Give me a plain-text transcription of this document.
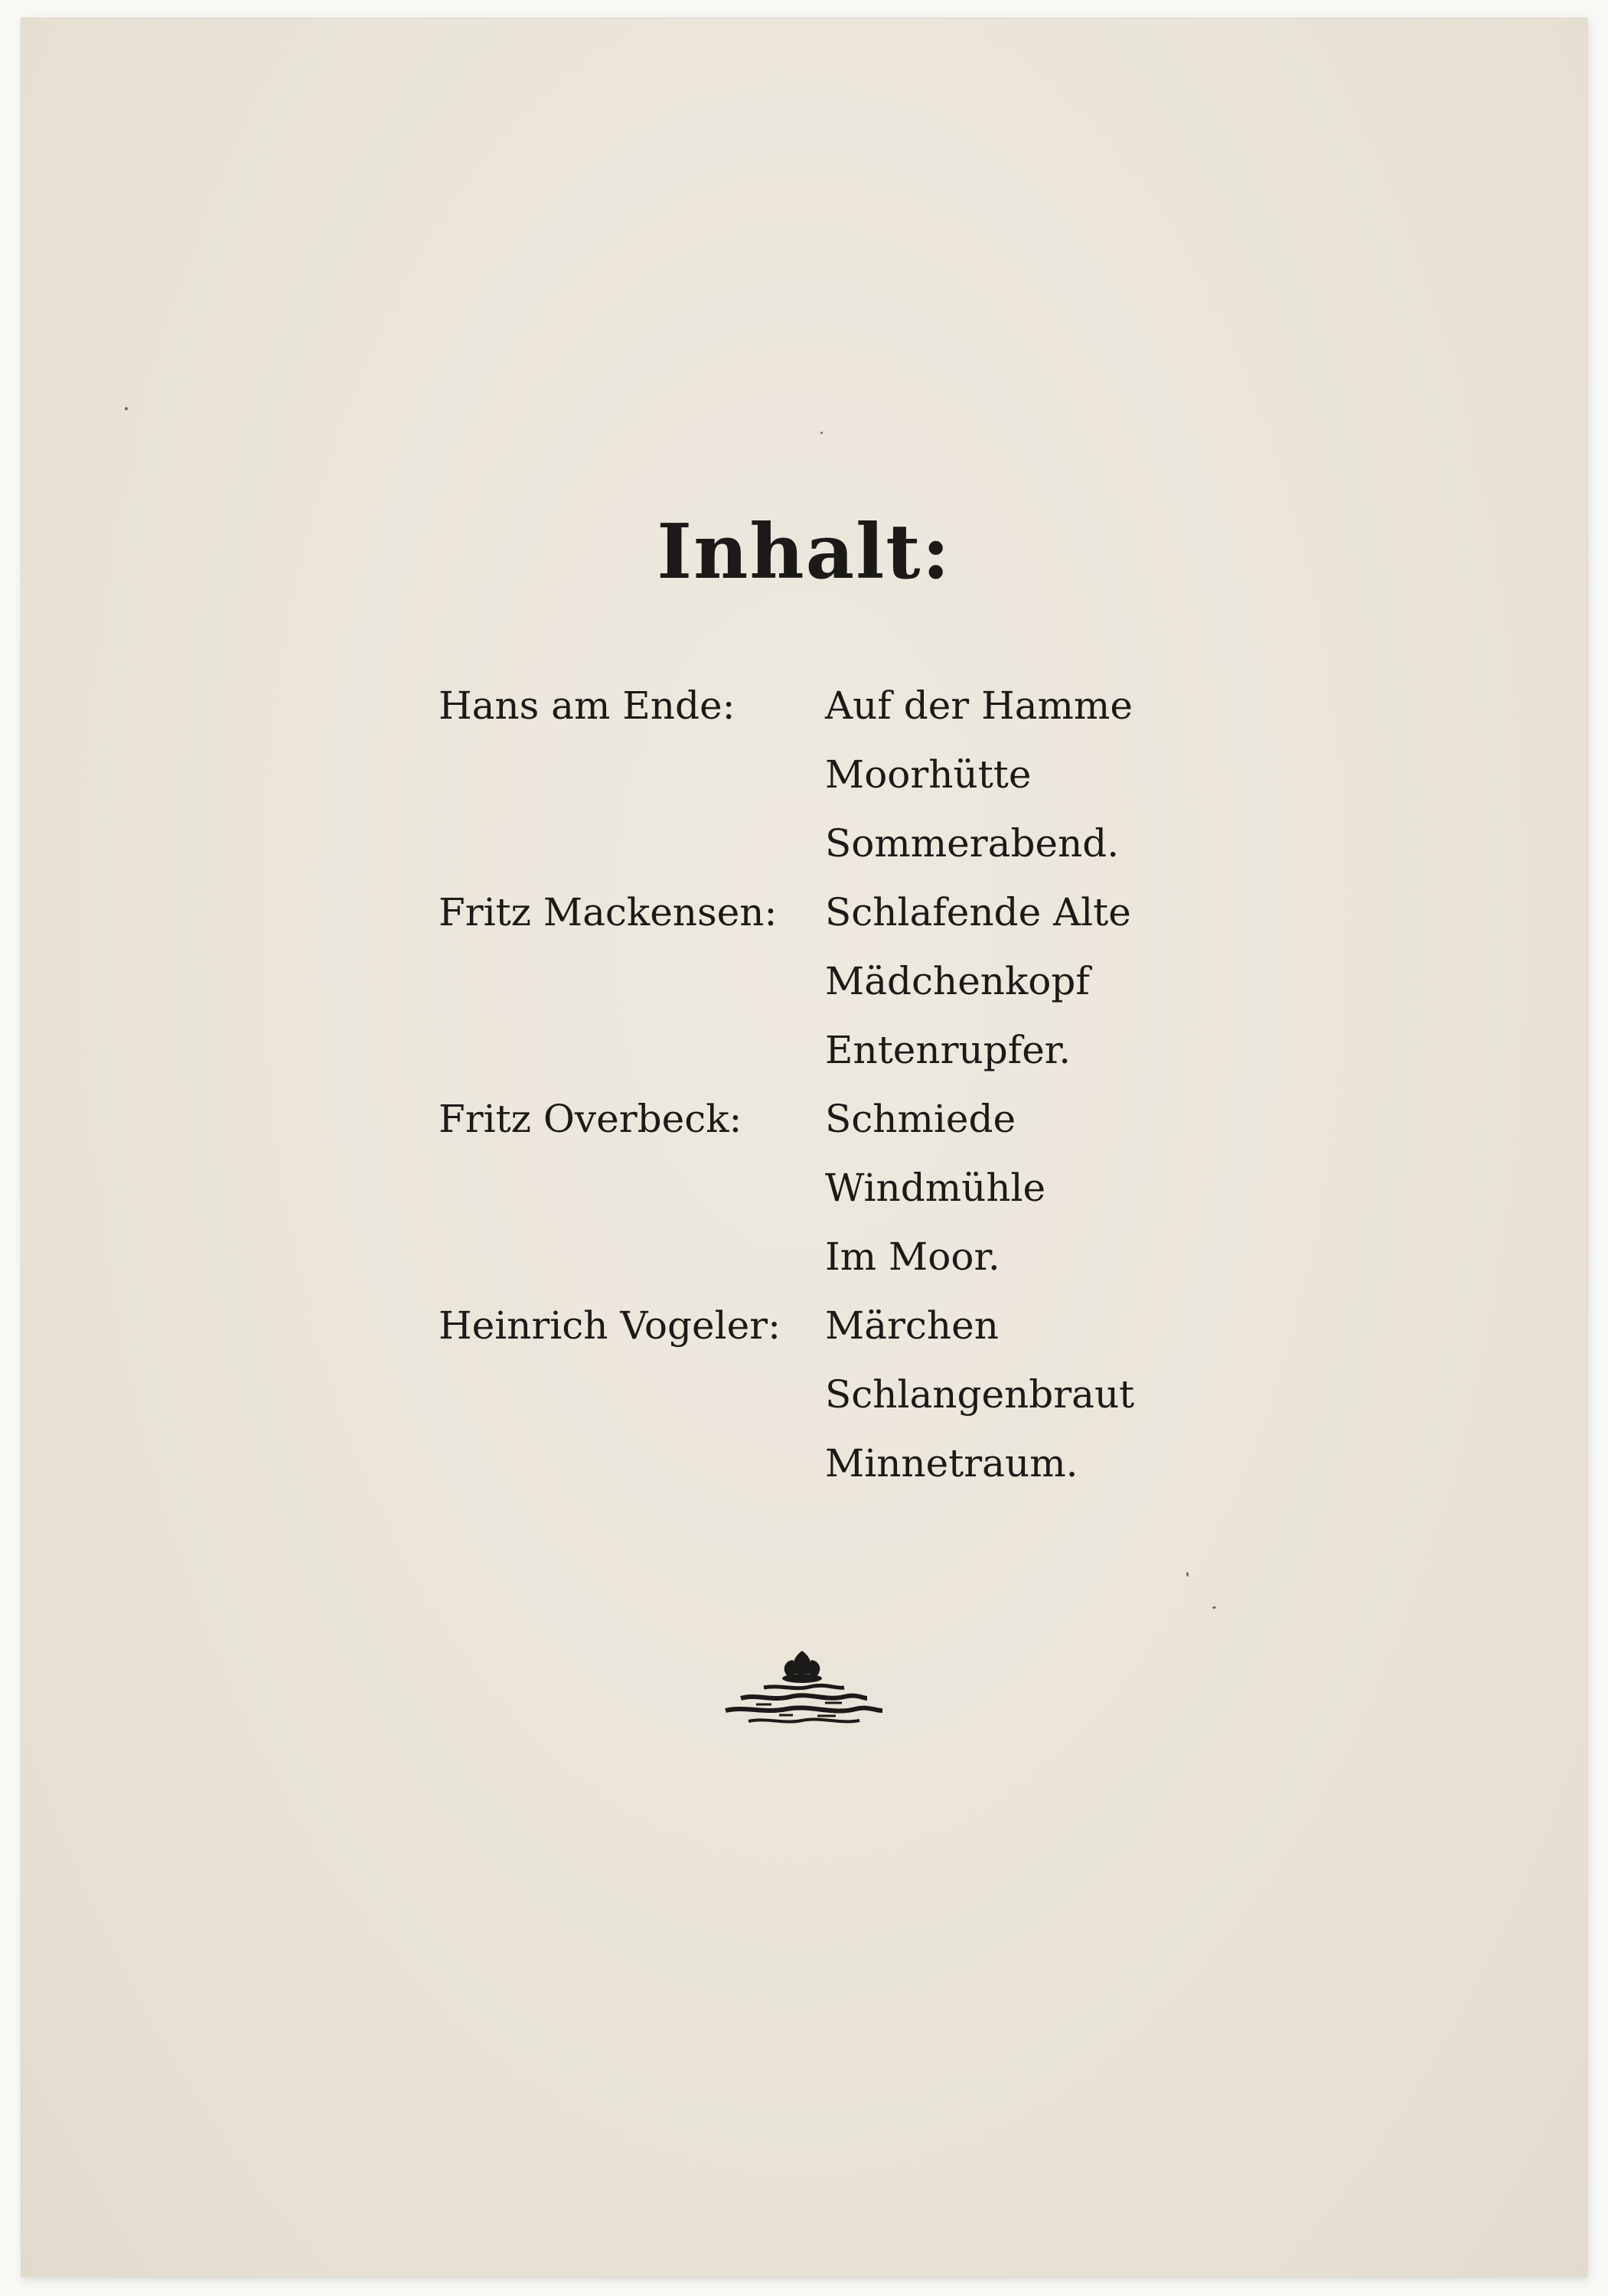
Inhalt:
Hans am Ende: Auf der Hamme
Moorhütte
Sommerabend.
Fritz Mackensen: Schlafende Alte
Mädchenkopf
Entenrupfer.
Fritz Overbeck: Schmiede
Windmühle
Im Moor.
Heinrich Vogeler: Märchen
Schlangenbraut
Minnetraum.
